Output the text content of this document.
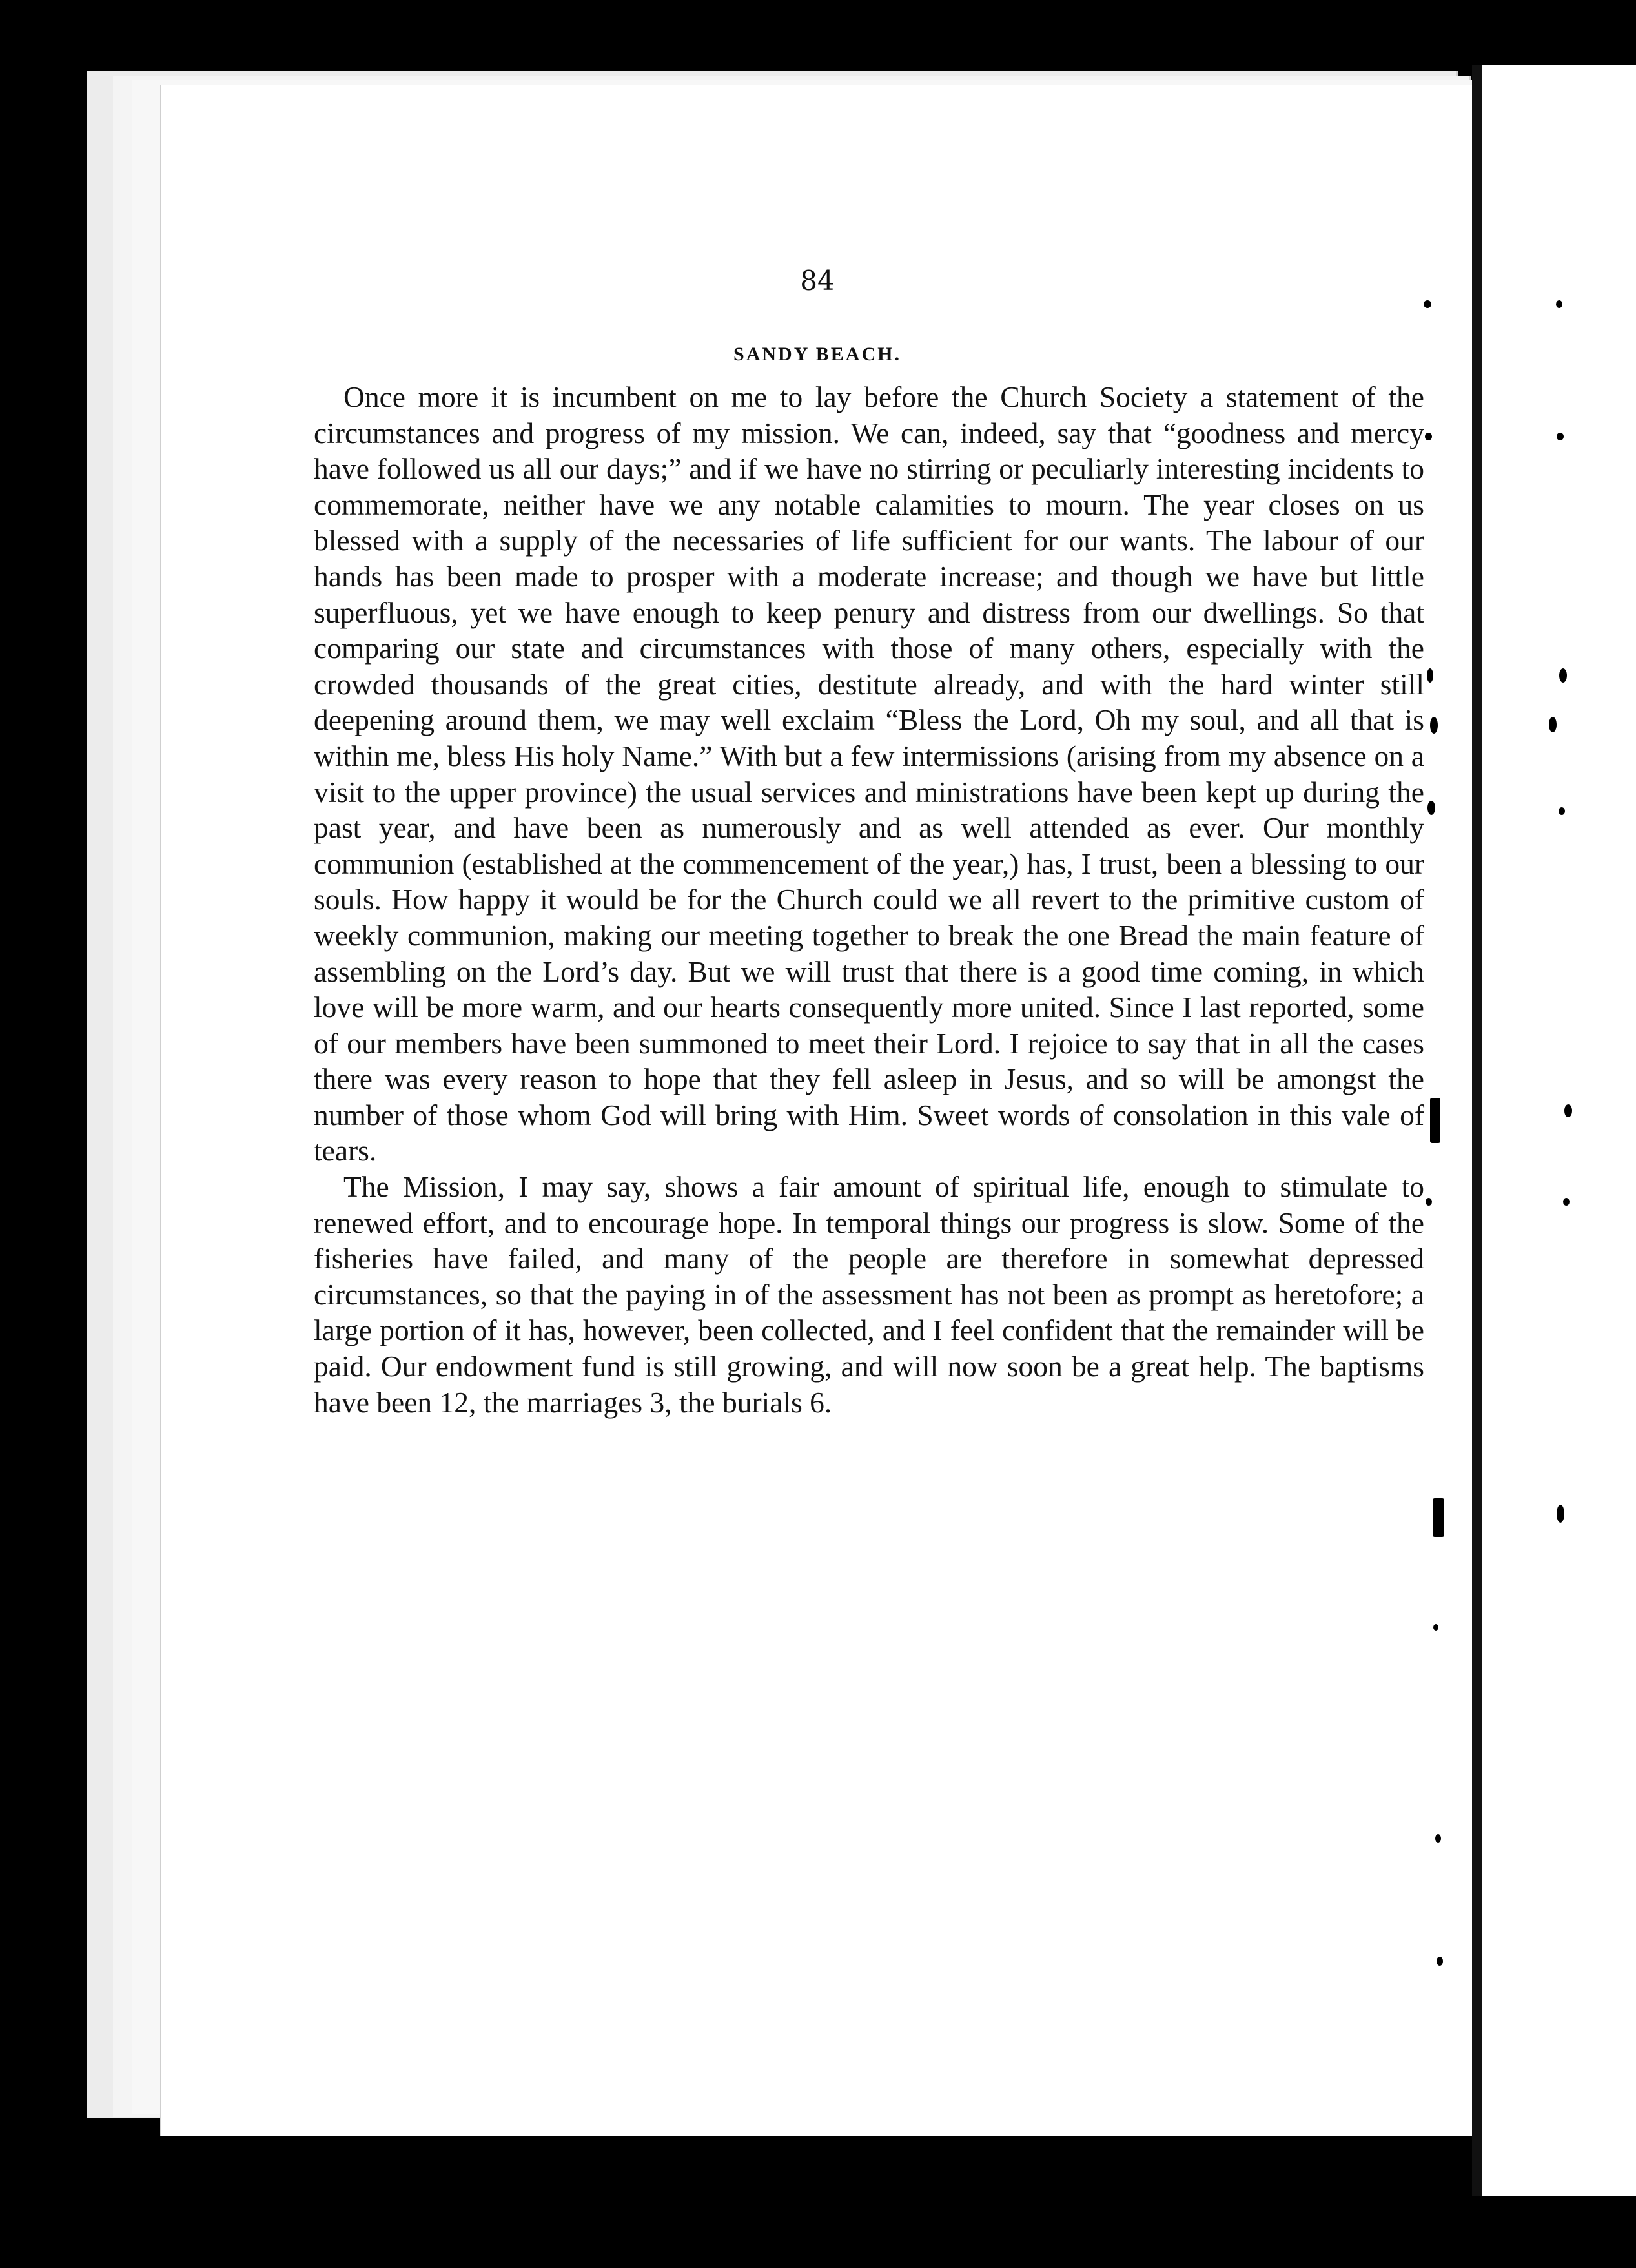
84
SANDY BEACH.

Once more it is incumbent on me to lay before the Church Society a statement of the circumstances and progress of my mission. We can, indeed, say that “goodness and mercy have followed us all our days;” and if we have no stirring or peculiarly interesting incidents to commemorate, neither have we any notable calamities to mourn. The year closes on us blessed with a supply of the necessaries of life sufficient for our wants. The labour of our hands has been made to prosper with a moderate increase; and though we have but little superfluous, yet we have enough to keep penury and distress from our dwellings. So that comparing our state and circumstances with those of many others, especially with the crowded thousands of the great cities, destitute already, and with the hard winter still deepening around them, we may well exclaim “Bless the Lord, Oh my soul, and all that is within me, bless His holy Name.” With but a few intermissions (arising from my absence on a visit to the upper province) the usual services and ministrations have been kept up during the past year, and have been as numerously and as well attended as ever. Our monthly communion (established at the commencement of the year,) has, I trust, been a blessing to our souls. How happy it would be for the Church could we all revert to the primitive custom of weekly communion, making our meeting together to break the one Bread the main feature of assembling on the Lord’s day. But we will trust that there is a good time coming, in which love will be more warm, and our hearts consequently more united. Since I last reported, some of our members have been summoned to meet their Lord. I rejoice to say that in all the cases there was every reason to hope that they fell asleep in Jesus, and so will be amongst the number of those whom God will bring with Him. Sweet words of consolation in this vale of tears.

The Mission, I may say, shows a fair amount of spiritual life, enough to stimulate to renewed effort, and to encourage hope. In temporal things our progress is slow. Some of the fisheries have failed, and many of the people are therefore in somewhat depressed circumstances, so that the paying in of the assessment has not been as prompt as heretofore; a large portion of it has, however, been collected, and I feel confident that the remainder will be paid. Our endowment fund is still growing, and will now soon be a great help. The baptisms have been 12, the marriages 3, the burials 6.
